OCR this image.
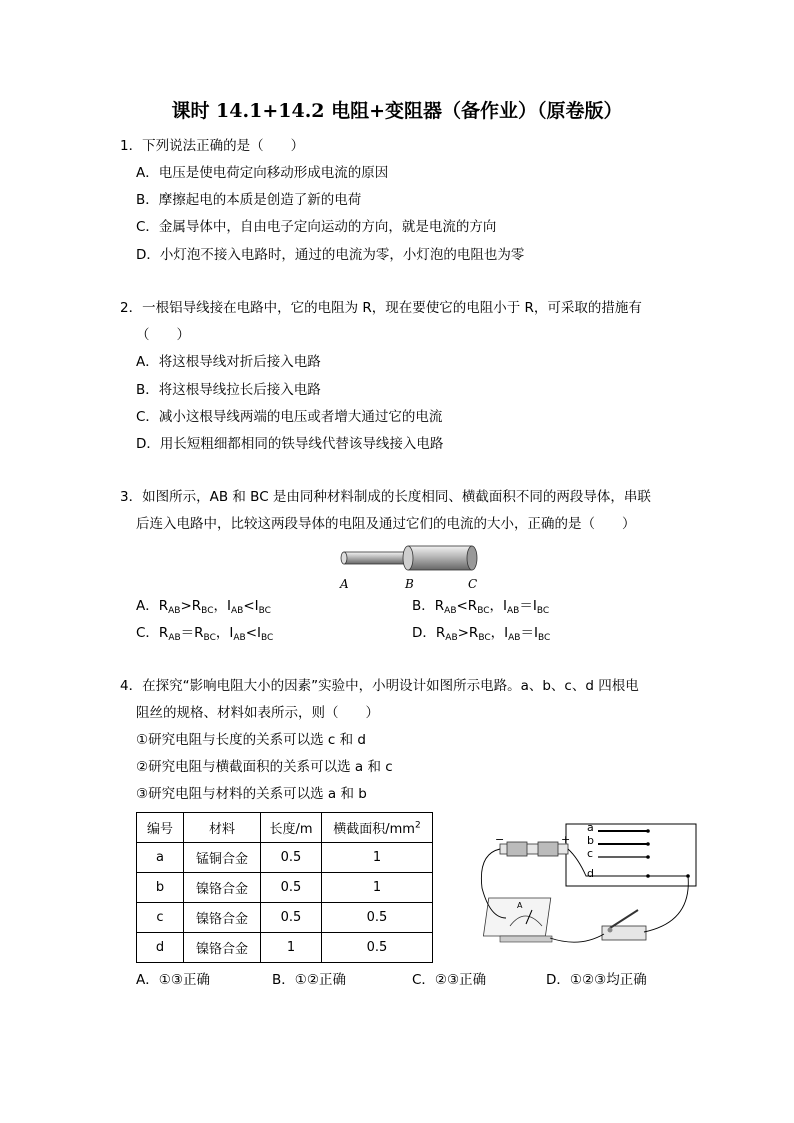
课时 14.1+14.2 电阻+变阻器（备作业）（原卷版）
1．下列说法正确的是（　　）
A．电压是使电荷定向移动形成电流的原因
B．摩擦起电的本质是创造了新的电荷
C．金属导体中，自由电子定向运动的方向，就是电流的方向
D．小灯泡不接入电路时，通过的电流为零，小灯泡的电阻也为零
2．一根铝导线接在电路中，它的电阻为 R，现在要使它的电阻小于 R，可采取的措施有
（　　）
A．将这根导线对折后接入电路
B．将这根导线拉长后接入电路
C．减小这根导线两端的电压或者增大通过它的电流
D．用长短粗细都相同的铁导线代替该导线接入电路
3．如图所示，AB 和 BC 是由同种材料制成的长度相同、横截面积不同的两段导体，串联
后连入电路中，比较这两段导体的电阻及通过它们的电流的大小，正确的是（　　）
A	B	C
A．$R_{AB}>R_{BC}$，$I_{AB}<I_{BC}$	B．$R_{AB}<R_{BC}$，$I_{AB}=I_{BC}$
C．$R_{AB}=R_{BC}$，$I_{AB}<I_{BC}$	D．$R_{AB}>R_{BC}$，$I_{AB}=I_{BC}$
4．在探究“影响电阻大小的因素”实验中，小明设计如图所示电路。a、b、c、d 四根电
阻丝的规格、材料如表所示，则（　　）
①研究电阻与长度的关系可以选 c 和 d
②研究电阻与横截面积的关系可以选 a 和 c
③研究电阻与材料的关系可以选 a 和 b
编号	材料	长度/m	横截面积$/mm^2$
a	锰铜合金	0.5	1
b	镍铬合金	0.5	1
c	镍铬合金	0.5	0.5
d	镍铬合金	1	0.5
a
b
c
d
−	+
A
A．①③正确	B．①②正确	C．②③正确	D．①②③均正确
